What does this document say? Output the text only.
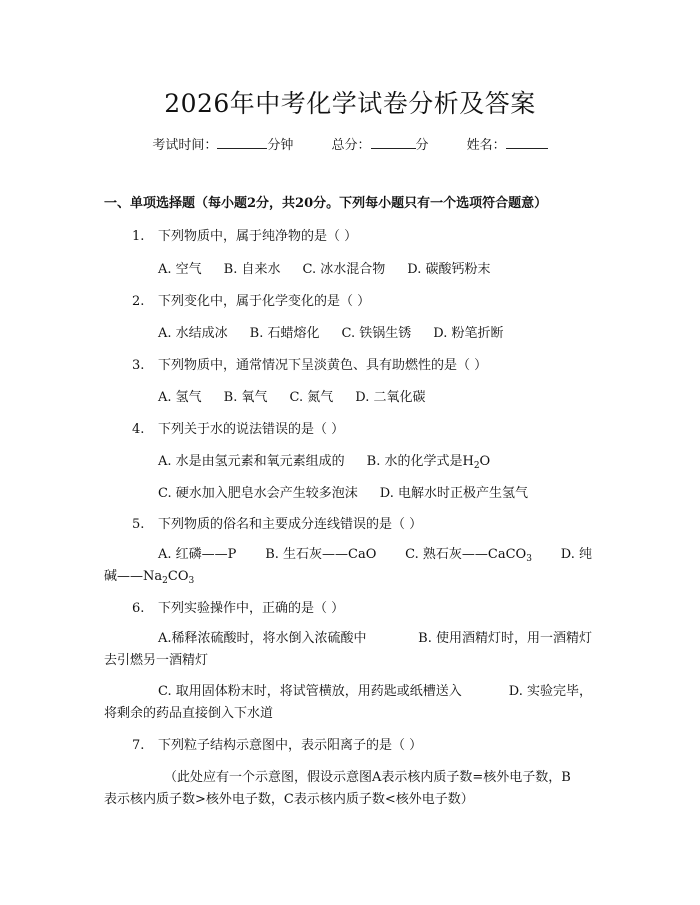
2026年中考化学试卷分析及答案
考试时间：	分钟	总分：	分	姓名：
一、单项选择题（每小题2分，共20分。下列每小题只有一个选项符合题意）
1. 下列物质中，属于纯净物的是（ ）
A. 空气 B. 自来水 C. 冰水混合物 D. 碳酸钙粉末
2. 下列变化中，属于化学变化的是（ ）
A. 水结成冰 B. 石蜡熔化 C. 铁锅生锈 D. 粉笔折断
3. 下列物质中，通常情况下呈淡黄色、具有助燃性的是（ ）
A. 氢气 B. 氧气 C. 氮气 D. 二氧化碳
4. 下列关于水的说法错误的是（ ）
A. 水是由氢元素和氧元素组成的 B. 水的化学式是$H_2O$
C. 硬水加入肥皂水会产生较多泡沫 D. 电解水时正极产生氢气
5. 下列物质的俗名和主要成分连线错误的是（ ）
A. 红磷——P B. 生石灰——CaO C. 熟石灰——CaCO$_3$ D. 纯
碱$——Na_2CO_3$
6. 下列实验操作中，正确的是（ ）
A.稀释浓硫酸时，将水倒入浓硫酸中	B. 使用酒精灯时，用一酒精灯
去引燃另一酒精灯
C. 取用固体粉末时，将试管横放，用药匙或纸槽送入	D. 实验完毕，
将剩余的药品直接倒入下水道
7. 下列粒子结构示意图中，表示阳离子的是（ ）
（此处应有一个示意图，假设示意图A表示核内质子数=核外电子数，B
表示核内质子数>核外电子数，C表示核内质子数<核外电子数）
